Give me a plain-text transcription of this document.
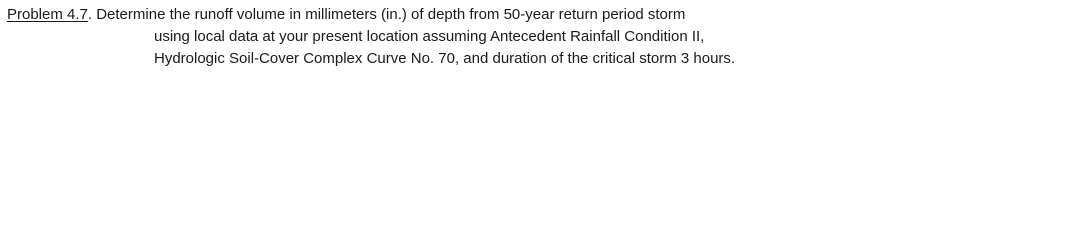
Problem 4.7. Determine the runoff volume in millimeters (in.) of depth from 50-year return period storm

using local data at your present location assuming Antecedent Rainfall Condition II,

Hydrologic Soil-Cover Complex Curve No. 70, and duration of the critical storm 3 hours.
